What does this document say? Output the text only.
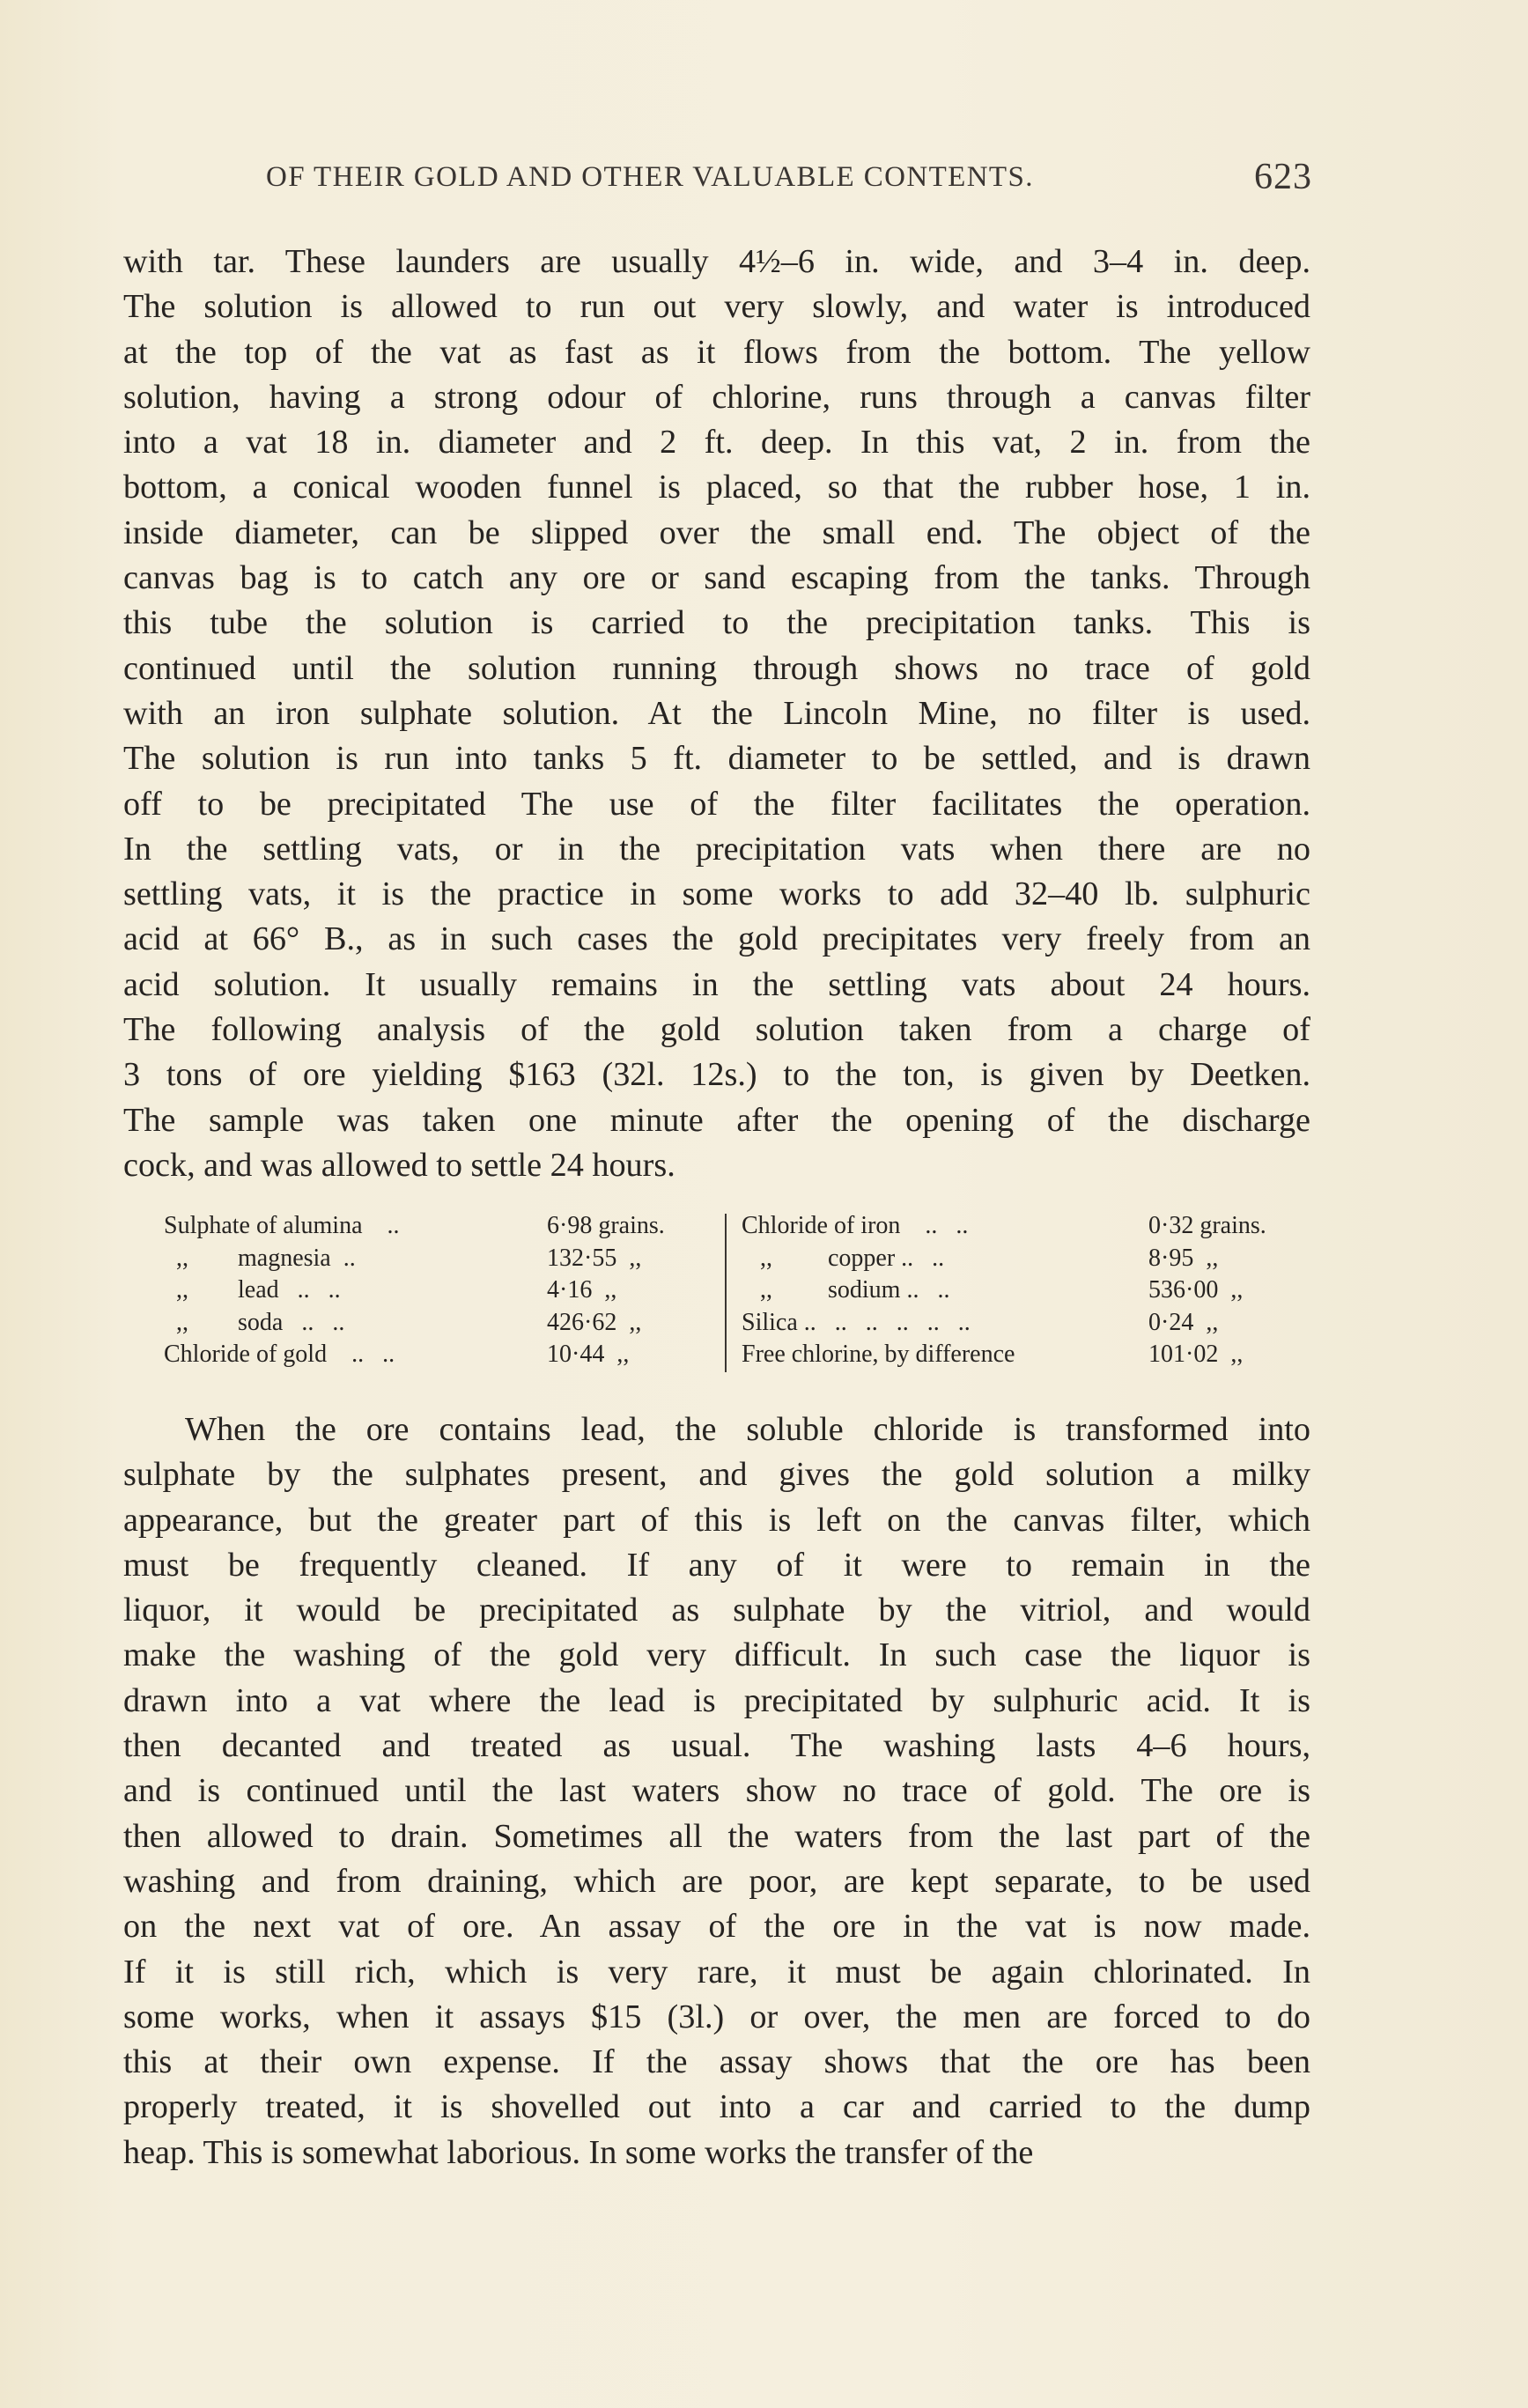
OF THEIR GOLD AND OTHER VALUABLE CONTENTS.	623
with tar. These launders are usually 4½–6 in. wide, and 3–4 in. deep.
The solution is allowed to run out very slowly, and water is introduced
at the top of the vat as fast as it flows from the bottom. The yellow
solution, having a strong odour of chlorine, runs through a canvas filter
into a vat 18 in. diameter and 2 ft. deep. In this vat, 2 in. from the
bottom, a conical wooden funnel is placed, so that the rubber hose, 1 in.
inside diameter, can be slipped over the small end. The object of the
canvas bag is to catch any ore or sand escaping from the tanks. Through
this tube the solution is carried to the precipitation tanks. This is
continued until the solution running through shows no trace of gold
with an iron sulphate solution. At the Lincoln Mine, no filter is used.
The solution is run into tanks 5 ft. diameter to be settled, and is drawn
off to be precipitated The use of the filter facilitates the operation.
In the settling vats, or in the precipitation vats when there are no
settling vats, it is the practice in some works to add 32–40 lb. sulphuric
acid at 66° B., as in such cases the gold precipitates very freely from an
acid solution. It usually remains in the settling vats about 24 hours.
The following analysis of the gold solution taken from a charge of
3 tons of ore yielding $163 (32l. 12s.) to the ton, is given by Deetken.
The sample was taken one minute after the opening of the discharge
cock, and was allowed to settle 24 hours.
Sulphate of alumina    ..	6·98 grains.
,,        magnesia  ..	132·55  ,,
,,        lead   ..   ..	4·16  ,,
,,        soda   ..   ..	426·62  ,,
Chloride of gold    ..   ..	10·44  ,,
Chloride of iron    ..   ..	0·32 grains.
,,         copper ..   ..	8·95  ,,
,,         sodium ..   ..	536·00  ,,
Silica ..   ..   ..   ..   ..   ..	0·24  ,,
Free chlorine, by difference	101·02  ,,
When the ore contains lead, the soluble chloride is transformed into
sulphate by the sulphates present, and gives the gold solution a milky
appearance, but the greater part of this is left on the canvas filter, which
must be frequently cleaned. If any of it were to remain in the
liquor, it would be precipitated as sulphate by the vitriol, and would
make the washing of the gold very difficult. In such case the liquor is
drawn into a vat where the lead is precipitated by sulphuric acid. It is
then decanted and treated as usual. The washing lasts 4–6 hours,
and is continued until the last waters show no trace of gold. The ore is
then allowed to drain. Sometimes all the waters from the last part of the
washing and from draining, which are poor, are kept separate, to be used
on the next vat of ore. An assay of the ore in the vat is now made.
If it is still rich, which is very rare, it must be again chlorinated. In
some works, when it assays $15 (3l.) or over, the men are forced to do
this at their own expense. If the assay shows that the ore has been
properly treated, it is shovelled out into a car and carried to the dump
heap. This is somewhat laborious. In some works the transfer of the
